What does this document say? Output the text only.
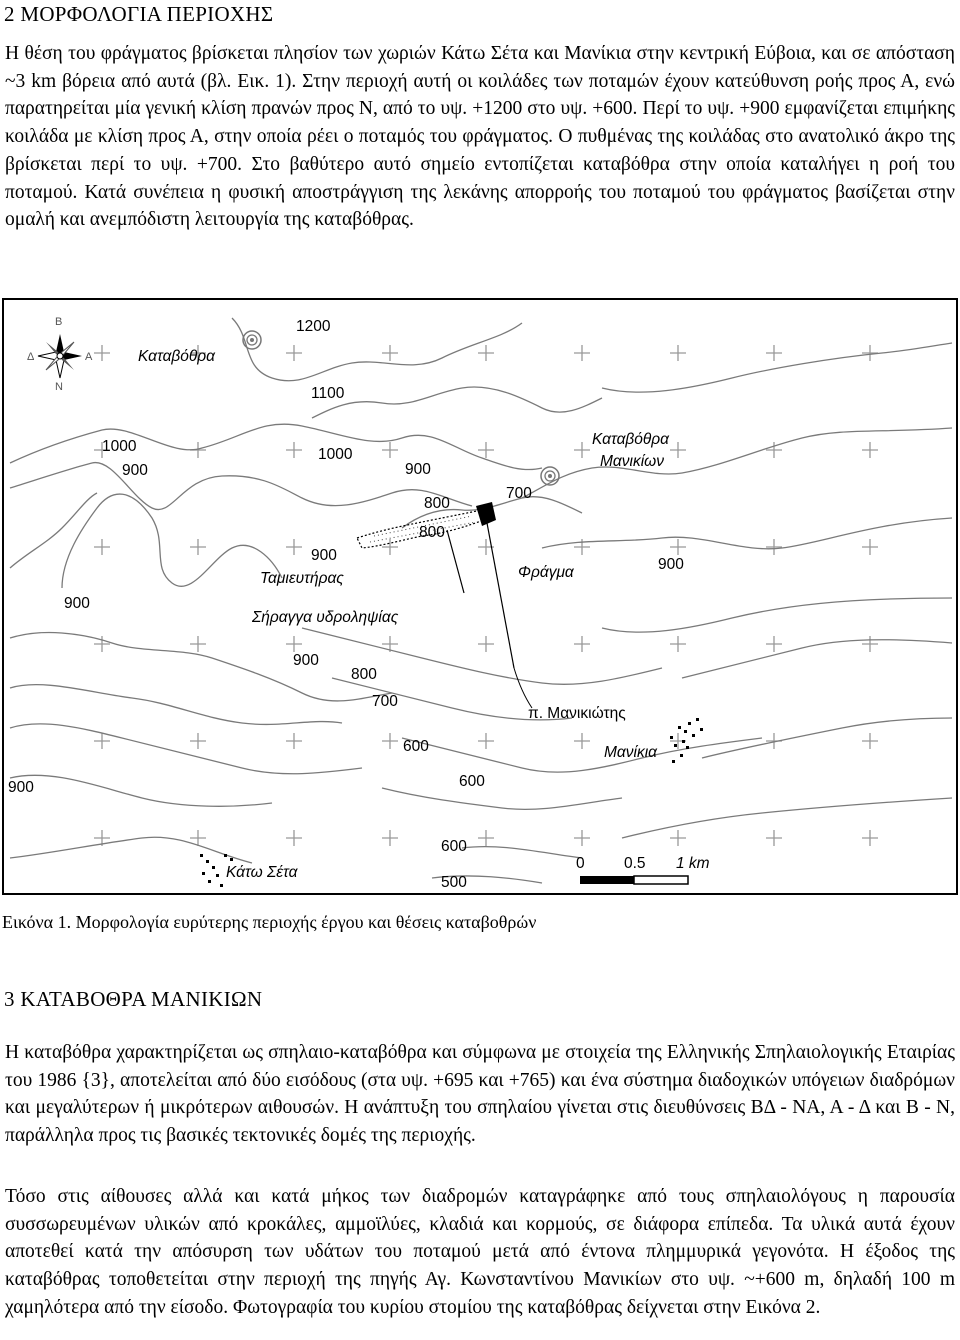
2 ΜΟΡΦΟΛΟΓΙΑ ΠΕΡΙΟΧΗΣ
Η θέση του φράγματος βρίσκεται πλησίον των χωριών Κάτω Σέτα και Μανίκια στην κεντρική Εύβοια, και σε απόσταση ~3 km βόρεια από αυτά (βλ. Εικ. 1). Στην περιοχή αυτή οι κοιλάδες των ποταμών έχουν κατεύθυνση ροής προς Α, ενώ παρατηρείται μία γενική κλίση πρανών προς Ν, από το υψ. +1200 στο υψ. +600. Περί το υψ. +900 εμφανίζεται επιμήκης κοιλάδα με κλίση προς Α, στην οποία ρέει ο ποταμός του φράγματος. Ο πυθμένας της κοιλάδας στο ανατολικό άκρο της βρίσκεται περί το υψ. +700. Στο βαθύτερο αυτό σημείο εντοπίζεται καταβόθρα στην οποία καταλήγει η ροή του ποταμού. Κατά συνέπεια η φυσική αποστράγγιση της λεκάνης απορροής του ποταμού του φράγματος βασίζεται στην ομαλή και ανεμπόδιστη λειτουργία της καταβόθρας.
Β
Α
Δ
Ν
Καταβόθρα
Καταβόθρα
Μανικίων
Ταμιευτήρας	Φράγμα
Σήραγγα υδροληψίας
π. Μανικιώτης
Μανίκια
Κάτω Σέτα
1200
1100
1000
900
1000
900
800
800
700
900
900
900
900
800
700
600
900	600
600
500
0	0.5 1 km
Εικόνα 1. Μορφολογία ευρύτερης περιοχής έργου και θέσεις καταβοθρών
3 ΚΑΤΑΒΟΘΡΑ ΜΑΝΙΚΙΩΝ
Η καταβόθρα χαρακτηρίζεται ως σπηλαιο-καταβόθρα και σύμφωνα με στοιχεία της Ελληνικής Σπηλαιολογικής Εταιρίας του 1986 {3}, αποτελείται από δύο εισόδους (στα υψ. +695 και +765) και ένα σύστημα διαδοχικών υπόγειων διαδρόμων και μεγαλύτερων ή μικρότερων αιθουσών. Η ανάπτυξη του σπηλαίου γίνεται στις διευθύνσεις ΒΔ - ΝΑ, Α - Δ και Β - Ν, παράλληλα προς τις βασικές τεκτονικές δομές της περιοχής.
Τόσο στις αίθουσες αλλά και κατά μήκος των διαδρομών καταγράφηκε από τους σπηλαιολόγους η παρουσία συσσωρευμένων υλικών από κροκάλες, αμμοϊλύες, κλαδιά και κορμούς, σε διάφορα επίπεδα. Τα υλικά αυτά έχουν αποτεθεί κατά την απόσυρση των υδάτων του ποταμού μετά από έντονα πλημμυρικά γεγονότα. Η έξοδος της καταβόθρας τοποθετείται στην περιοχή της πηγής Αγ. Κωνσταντίνου Μανικίων στο υψ. ~+600 m, δηλαδή 100 m χαμηλότερα από την είσοδο. Φωτογραφία του κυρίου στομίου της καταβόθρας δείχνεται στην Εικόνα 2.
